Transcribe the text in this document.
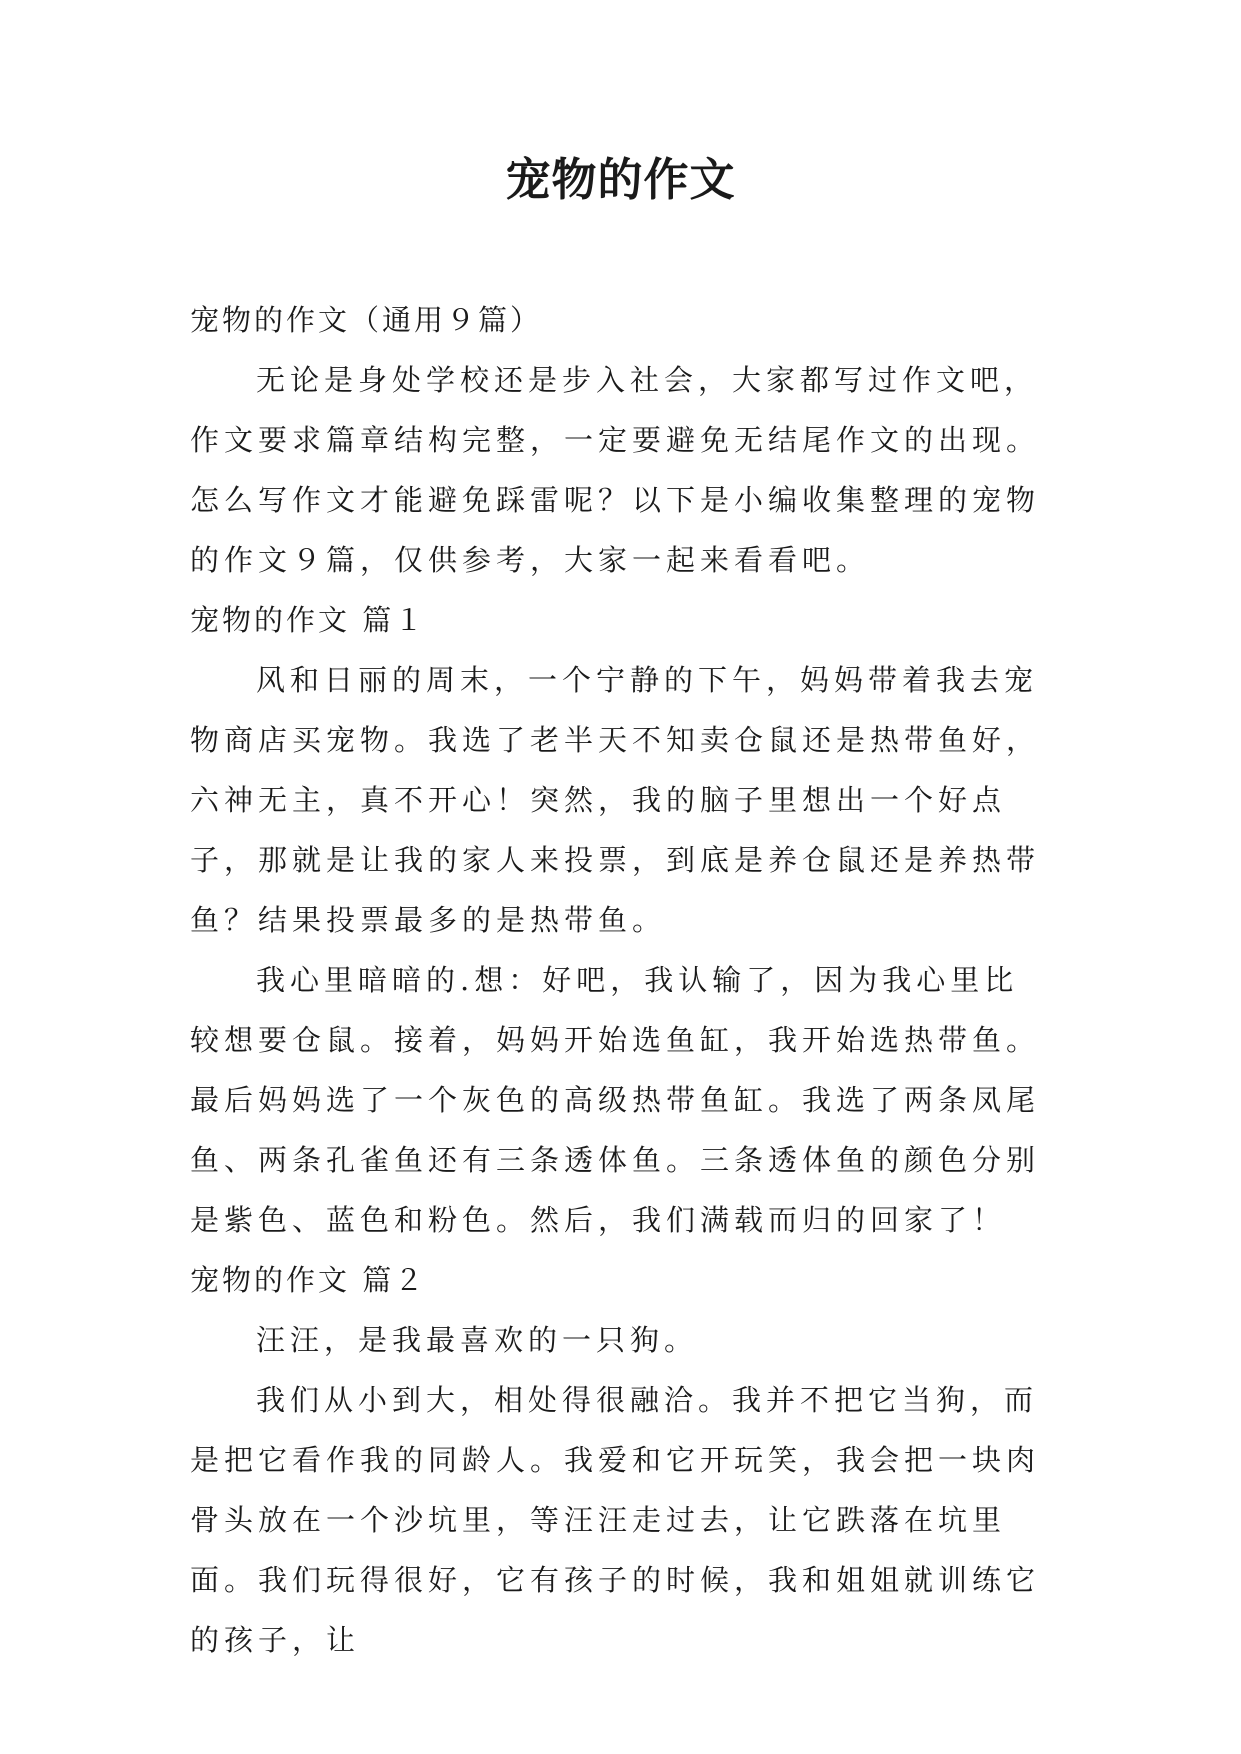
宠物的作文

宠物的作文（通用９篇）

无论是身处学校还是步入社会，大家都写过作文吧，作文要求篇章结构完整，一定要避免无结尾作文的出现。怎么写作文才能避免踩雷呢？以下是小编收集整理的宠物的作文９篇，仅供参考，大家一起来看看吧。

宠物的作文 篇１

风和日丽的周末，一个宁静的下午，妈妈带着我去宠物商店买宠物。我选了老半天不知卖仓鼠还是热带鱼好，六神无主，真不开心！突然，我的脑子里想出一个好点子，那就是让我的家人来投票，到底是养仓鼠还是养热带鱼？结果投票最多的是热带鱼。

我心里暗暗的.想：好吧，我认输了，因为我心里比较想要仓鼠。接着，妈妈开始选鱼缸，我开始选热带鱼。最后妈妈选了一个灰色的高级热带鱼缸。我选了两条凤尾鱼、两条孔雀鱼还有三条透体鱼。三条透体鱼的颜色分别是紫色、蓝色和粉色。然后，我们满载而归的回家了！

宠物的作文 篇２

汪汪，是我最喜欢的一只狗。

我们从小到大，相处得很融洽。我并不把它当狗，而是把它看作我的同龄人。我爱和它开玩笑，我会把一块肉骨头放在一个沙坑里，等汪汪走过去，让它跌落在坑里面。我们玩得很好，它有孩子的时候，我和姐姐就训练它的孩子，让
